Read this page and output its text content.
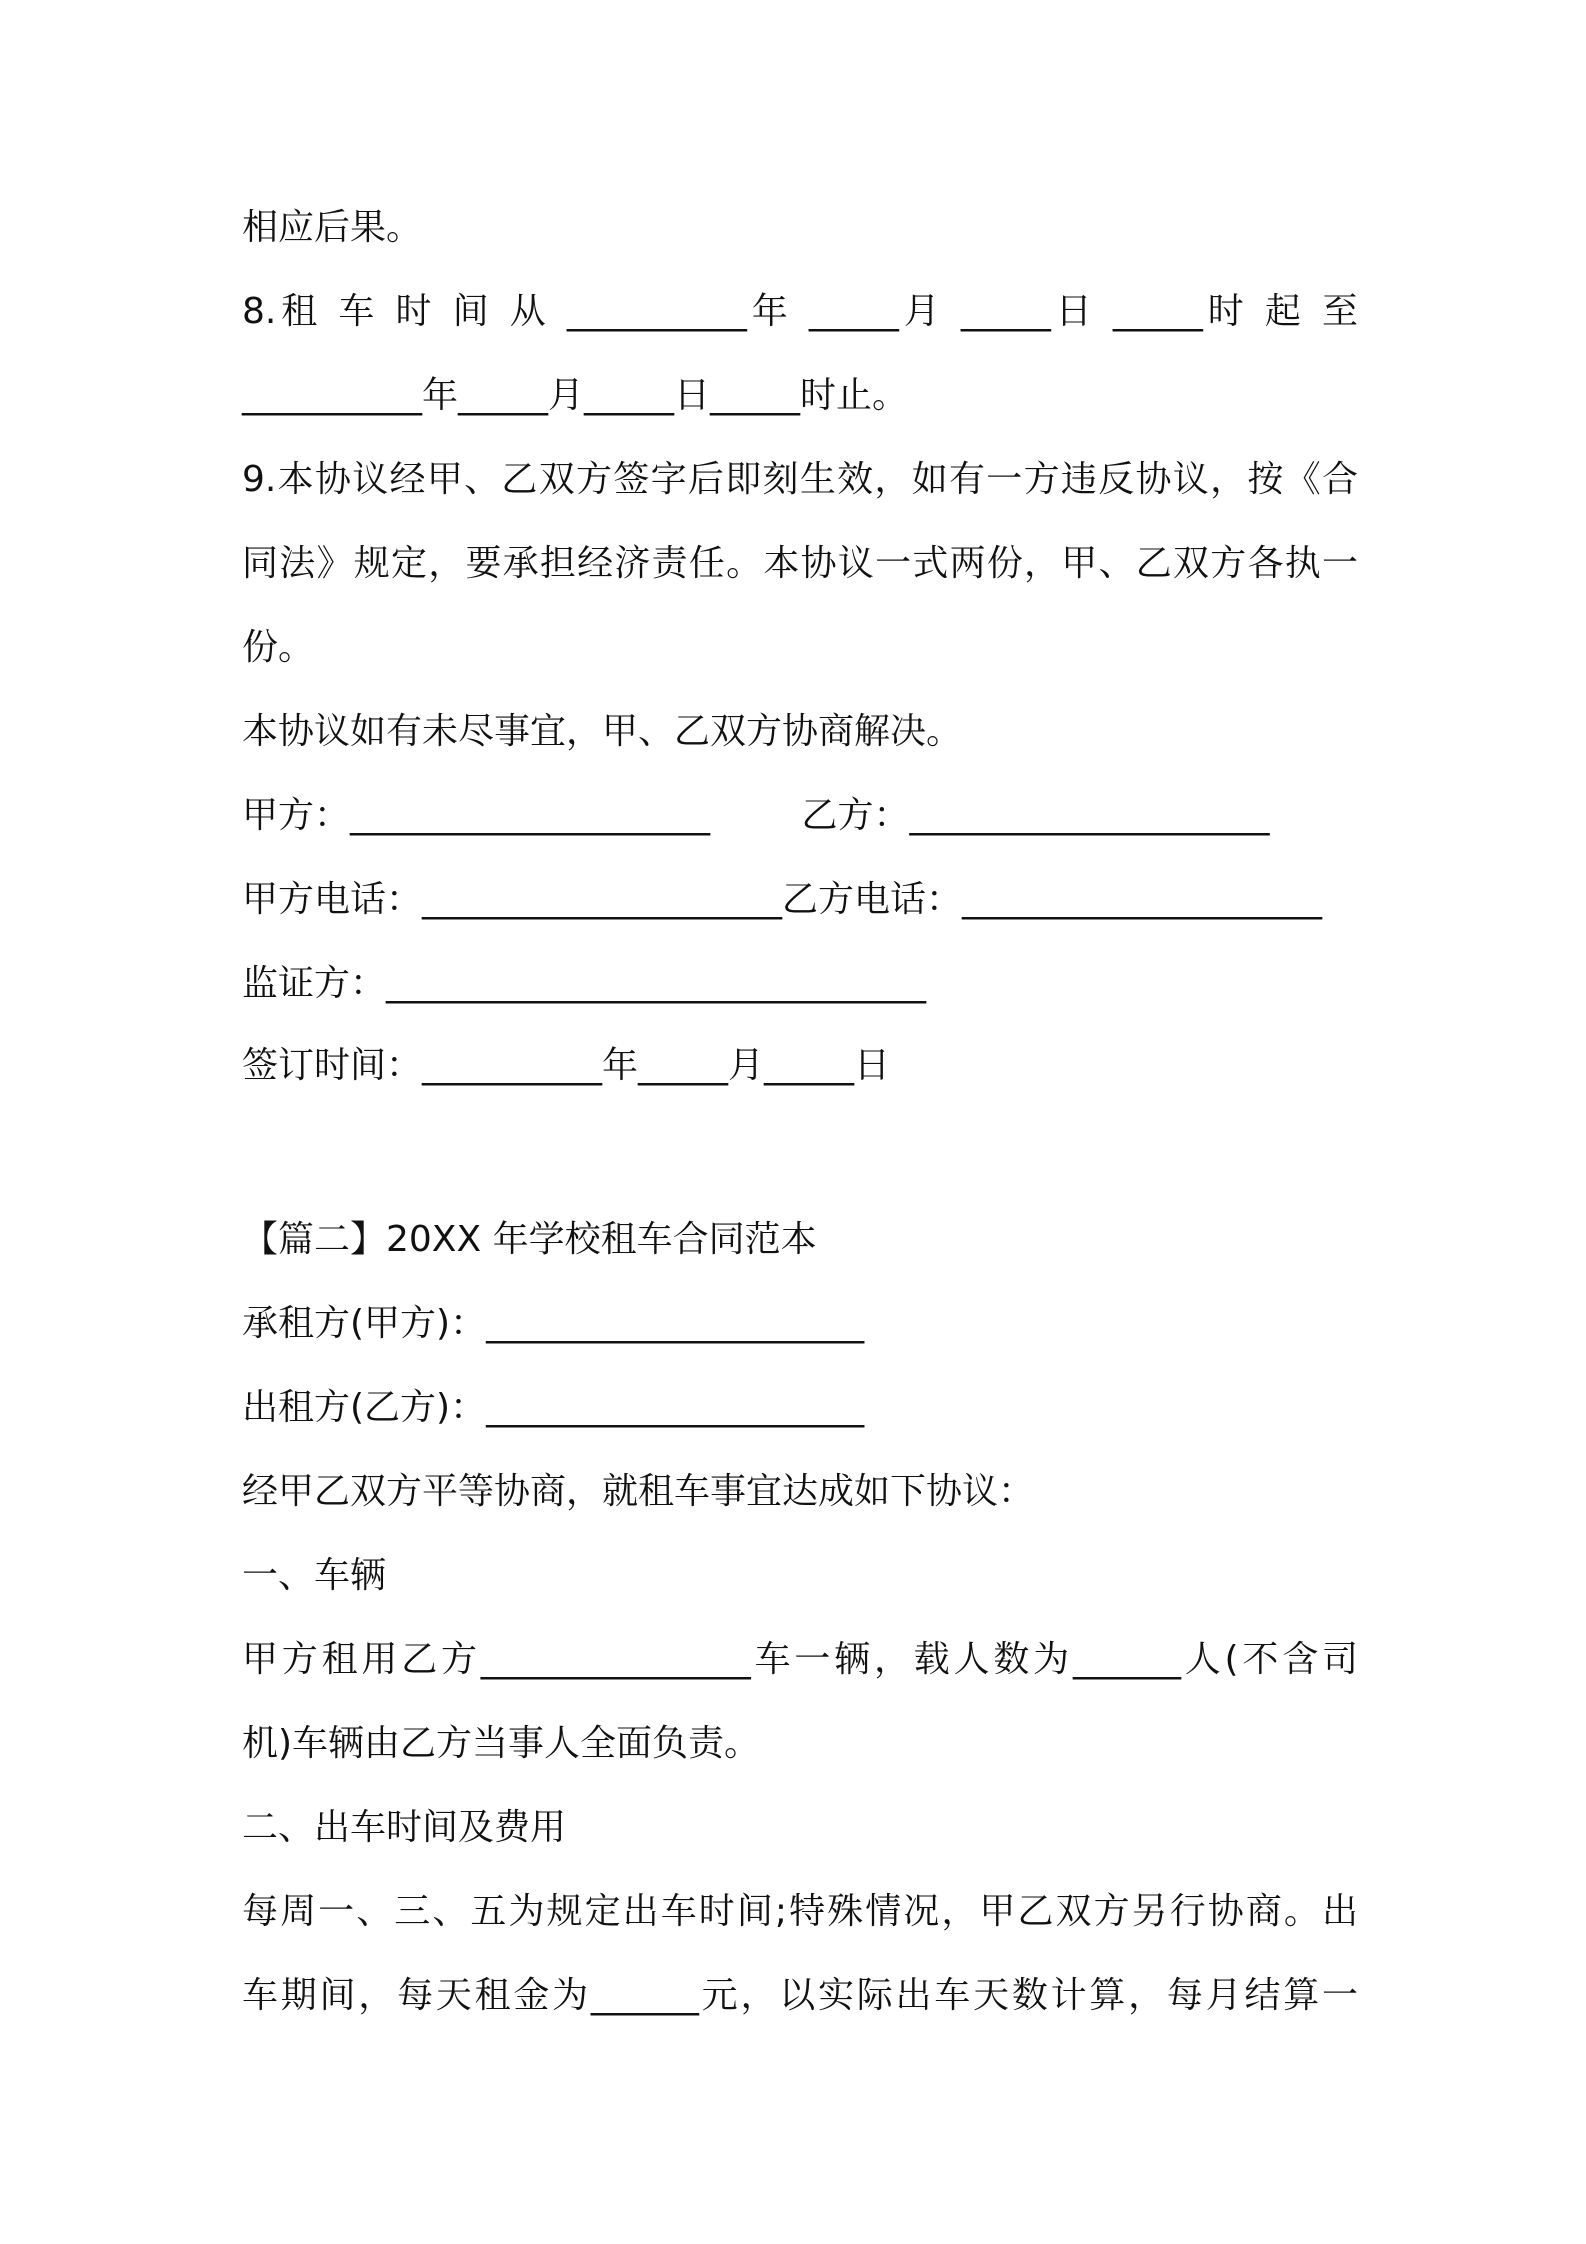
相应后果。
8.租 车 时 间 从 __________年 _____月 _____日 _____时 起 至
__________年_____月_____日_____时止。
9.本协议经甲、乙双方签字后即刻生效，如有一方违反协议，按《合
同法》规定，要承担经济责任。本协议一式两份，甲、乙双方各执一
份。
本协议如有未尽事宜，甲、乙双方协商解决。
甲方：____________________        乙方：____________________
甲方电话：____________________乙方电话：____________________
监证方：______________________________
签订时间：__________年_____月_____日
【篇二】20XX 年学校租车合同范本
承租方(甲方)：_____________________
出租方(乙方)：_____________________
经甲乙双方平等协商，就租车事宜达成如下协议：
一、车辆
甲方租用乙方_______________车一辆，载人数为______人(不含司
机)车辆由乙方当事人全面负责。
二、出车时间及费用
每周一、三、五为规定出车时间;特殊情况，甲乙双方另行协商。出
车期间，每天租金为______元，以实际出车天数计算，每月结算一
